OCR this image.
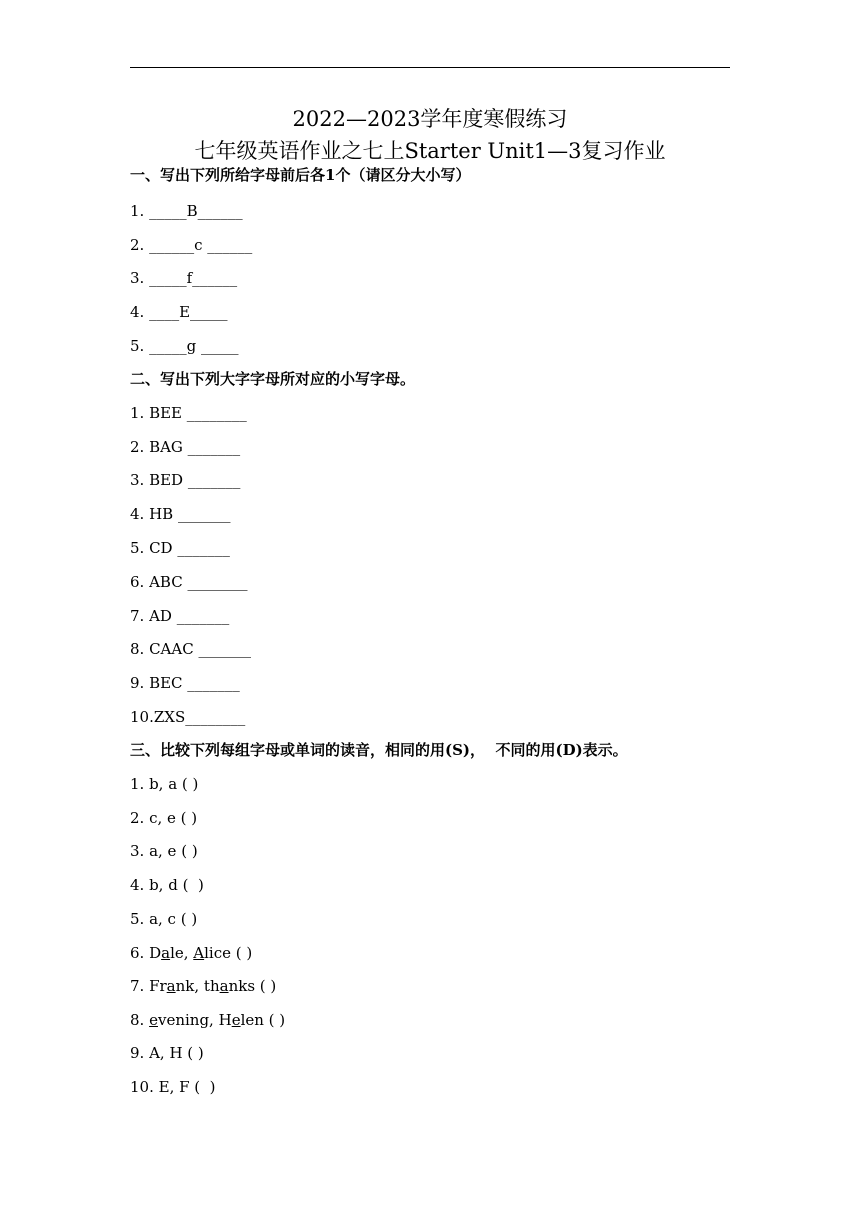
2022—2023学年度寒假练习
七年级英语作业之七上Starter Unit1—3复习作业
一、写出下列所给字母前后各1个（请区分大小写）
1. _____B______
2. ______c ______
3. _____f______
4. ____E_____
5. _____g _____
二、写出下列大字字母所对应的小写字母。
1. BEE ________
2. BAG _______
3. BED _______
4. HB _______
5. CD _______
6. ABC ________
7. AD _______
8. CAAC _______
9. BEC _______
10.ZXS________
三、比较下列每组字母或单词的读音，相同的用(S)，  不同的用(D)表示。
1. b, a ( )
2. c, e ( )
3. a, e ( )
4. b, d (  )
5. a, c ( )
6. Dale, Alice ( )
7. Frank, thanks ( )
8. evening, Helen ( )
9. A, H ( )
10. E, F (  )
